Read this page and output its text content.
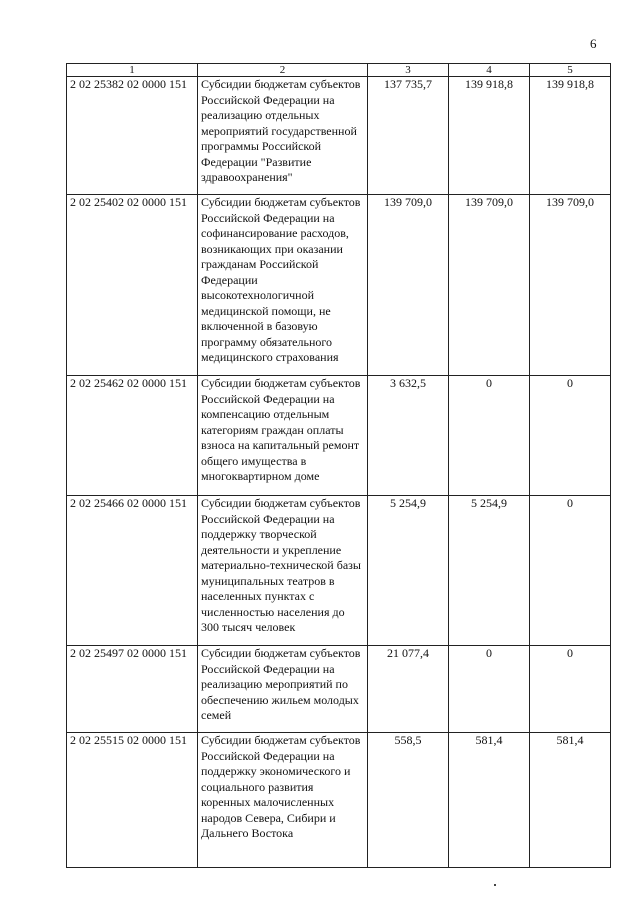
6
1	2	3	4	5
2 02 25382 02 0000 151	Субсидии бюджетам субъектов Российской Федерации на реализацию отдельных мероприятий государственной программы Российской Федерации "Развитие здравоохранения"	137 735,7	139 918,8	139 918,8
2 02 25402 02 0000 151	Субсидии бюджетам субъектов Российской Федерации на софинансирование расходов, возникающих при оказании гражданам Российской Федерации высокотехнологичной медицинской помощи, не включенной в базовую программу обязательного медицинского страхования	139 709,0	139 709,0	139 709,0
2 02 25462 02 0000 151	Субсидии бюджетам субъектов Российской Федерации на компенсацию отдельным категориям граждан оплаты взноса на капитальный ремонт общего имущества в многоквартирном доме	3 632,5	0	0
2 02 25466 02 0000 151	Субсидии бюджетам субъектов Российской Федерации на поддержку творческой деятельности и укрепление материально-технической базы муниципальных театров в населенных пунктах с численностью населения до 300 тысяч человек	5 254,9	5 254,9	0
2 02 25497 02 0000 151	Субсидии бюджетам субъектов Российской Федерации на реализацию мероприятий по обеспечению жильем молодых семей	21 077,4	0	0
2 02 25515 02 0000 151	Субсидии бюджетам субъектов Российской Федерации на поддержку экономического и социального развития коренных малочисленных народов Севера, Сибири и Дальнего Востока	558,5	581,4	581,4
